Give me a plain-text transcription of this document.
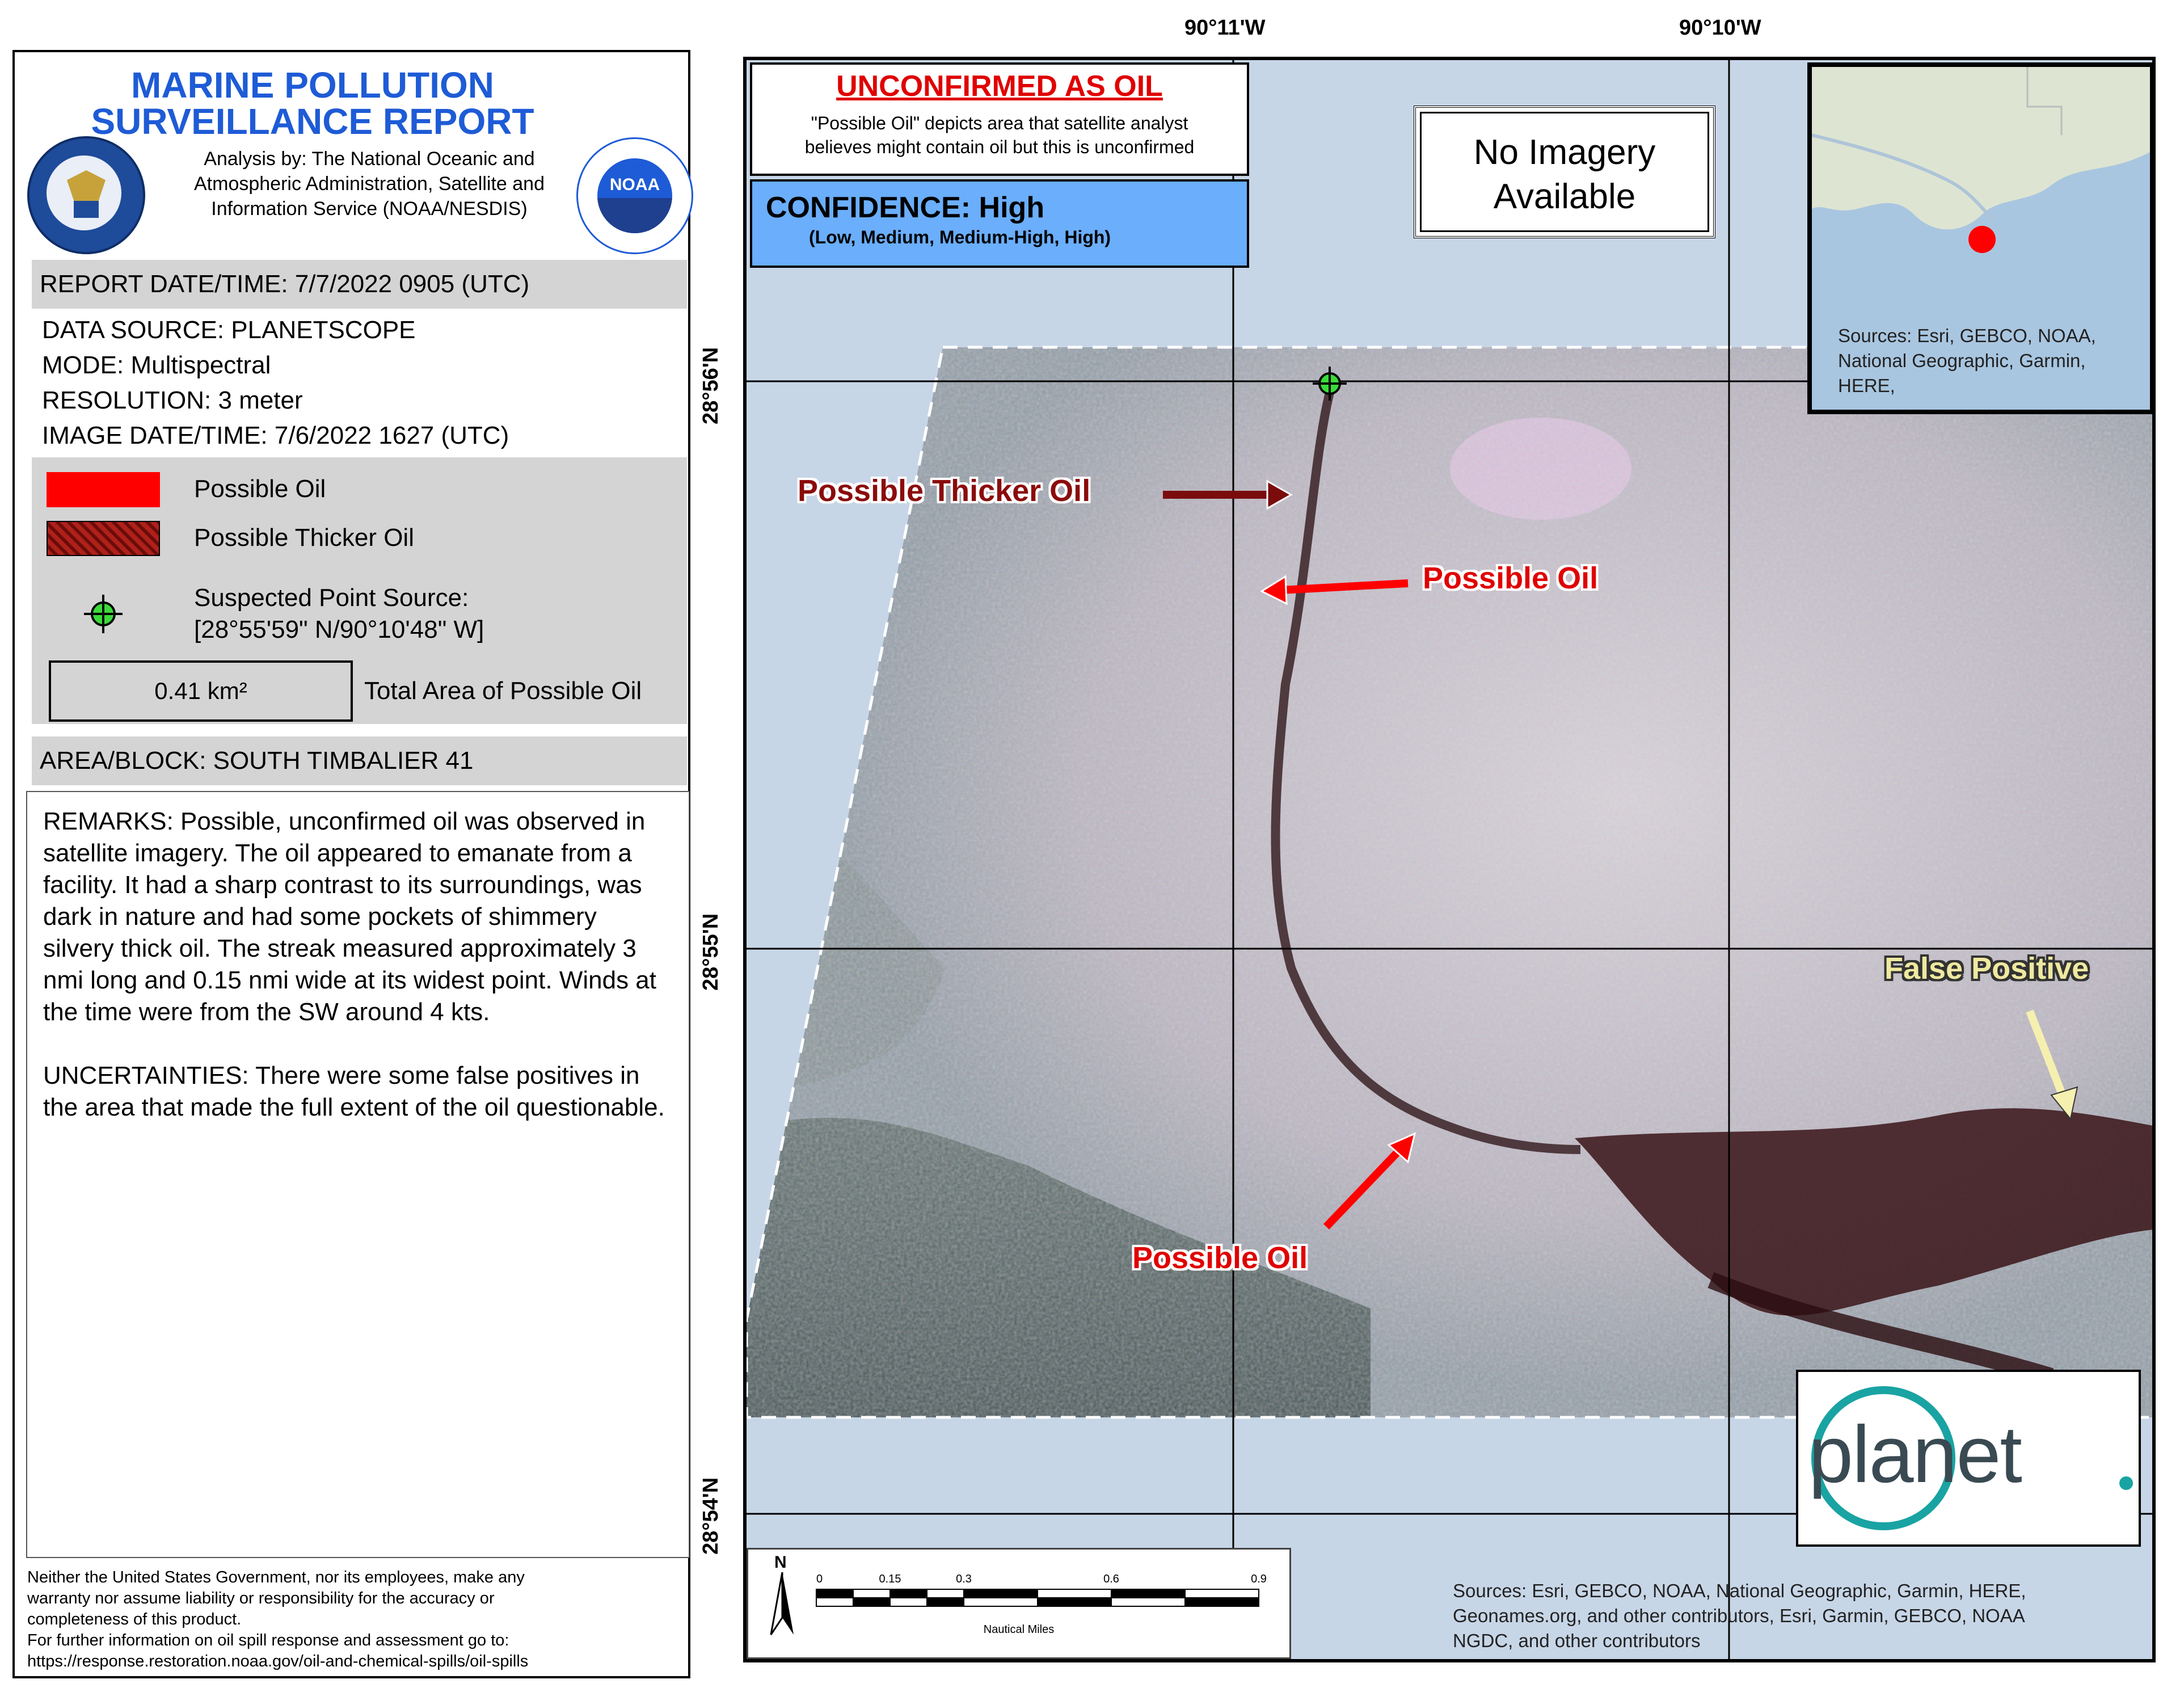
MARINE POLLUTION
SURVEILLANCE REPORT
Analysis by: The National Oceanic and
Atmospheric Administration, Satellite and
Information Service (NOAA/NESDIS)
NOAA
REPORT DATE/TIME: 7/7/2022 0905 (UTC)
DATA SOURCE: PLANETSCOPE
MODE: Multispectral
RESOLUTION: 3 meter
IMAGE DATE/TIME: 7/6/2022 1627 (UTC)
Possible Oil
Possible Thicker Oil
Suspected Point Source:
[28°55'59" N/90°10'48" W]
0.41 km²	Total Area of Possible Oil
AREA/BLOCK: SOUTH TIMBALIER 41
REMARKS: Possible, unconfirmed oil was observed in satellite imagery. The oil appeared to emanate from a facility. It had a sharp contrast to its surroundings, was dark in nature and had some pockets of shimmery silvery thick oil. The streak measured approximately 3 nmi long and 0.15 nmi wide at its widest point. Winds at the time were from the SW around 4 kts.
UNCERTAINTIES: There were some false positives in the area that made the full extent of the oil questionable.
Neither the United States Government, nor its employees, make any
warranty nor assume liability or responsibility for the accuracy or
completeness of this product.
For further information on oil spill response and assessment go to:
https://response.restoration.noaa.gov/oil-and-chemical-spills/oil-spills
90°11'W	90°10'W
28°56'N
28°55'N
28°54'N
UNCONFIRMED AS OIL
"Possible Oil" depicts area that satellite analyst
believes might contain oil but this is unconfirmed
CONFIDENCE: High
(Low, Medium, Medium-High, High)
No Imagery
Available
Sources: Esri, GEBCO, NOAA, National Geographic, Garmin, HERE,
Possible Thicker Oil
Possible Oil
Possible Oil
False Positive
planet
N
0	0.15	0.3	0.6	0.9
Nautical Miles
Sources: Esri, GEBCO, NOAA, National Geographic, Garmin, HERE,
Geonames.org, and other contributors, Esri, Garmin, GEBCO, NOAA
NGDC, and other contributors
